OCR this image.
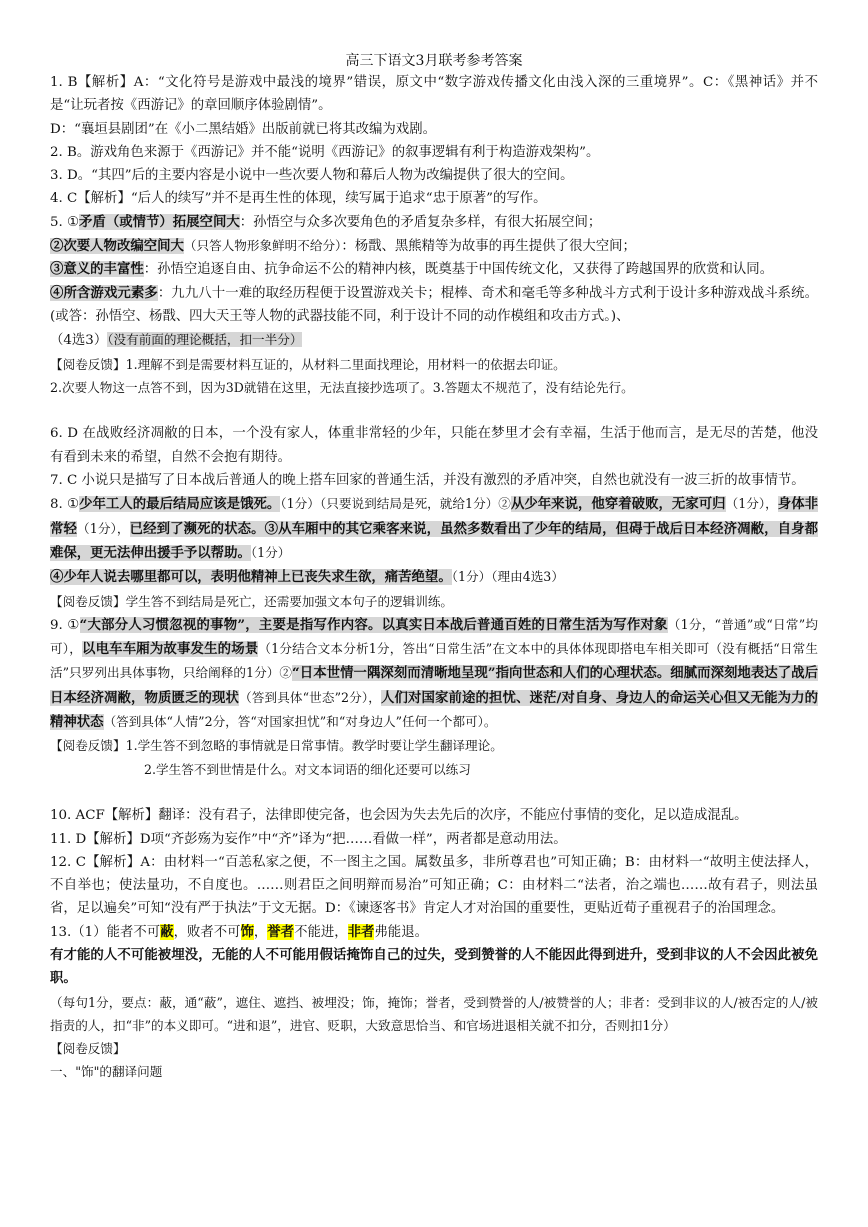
高三下语文3月联考参考答案

1. B【解析】A：“文化符号是游戏中最浅的境界”错误，原文中“数字游戏传播文化由浅入深的三重境界”。C：《黑神话》并不是“让玩者按《西游记》的章回顺序体验剧情”。

D：“襄垣县剧团”在《小二黑结婚》出版前就已将其改编为戏剧。

2. B。游戏角色来源于《西游记》并不能“说明《西游记》的叙事逻辑有利于构造游戏架构”。

3. D。“其四”后的主要内容是小说中一些次要人物和幕后人物为改编提供了很大的空间。

4. C【解析】“后人的续写”并不是再生性的体现，续写属于追求“忠于原著”的写作。

5. ①矛盾（或情节）拓展空间大：孙悟空与众多次要角色的矛盾复杂多样，有很大拓展空间；

②次要人物改编空间大（只答人物形象鲜明不给分）：杨戬、黑熊精等为故事的再生提供了很大空间；

③意义的丰富性：孙悟空追逐自由、抗争命运不公的精神内核，既奠基于中国传统文化，又获得了跨越国界的欣赏和认同。

④所含游戏元素多：九九八十一难的取经历程便于设置游戏关卡；棍棒、奇术和毫毛等多种战斗方式利于设计多种游戏战斗系统。(或答：孙悟空、杨戬、四大天王等人物的武器技能不同，利于设计不同的动作模组和攻击方式。)、

（4选3）（没有前面的理论概括，扣一半分）

【阅卷反馈】1.理解不到是需要材料互证的，从材料二里面找理论，用材料一的依据去印证。

2.次要人物这一点答不到，因为3D就错在这里，无法直接抄选项了。3.答题太不规范了，没有结论先行。

6. D 在战败经济凋敝的日本，一个没有家人，体重非常轻的少年，只能在梦里才会有幸福，生活于他而言，是无尽的苦楚，他没有看到未来的希望，自然不会抱有期待。

7. C 小说只是描写了日本战后普通人的晚上搭车回家的普通生活，并没有激烈的矛盾冲突，自然也就没有一波三折的故事情节。

8. ①少年工人的最后结局应该是饿死。（1分）（只要说到结局是死，就给1分）②从少年来说，他穿着破败，无家可归（1分），身体非常轻（1分），已经到了濒死的状态。③从车厢中的其它乘客来说，虽然多数看出了少年的结局，但碍于战后日本经济凋敝，自身都难保，更无法伸出援手予以帮助。（1分）

④少年人说去哪里都可以，表明他精神上已丧失求生欲，痛苦绝望。（1分）（理由4选3）

【阅卷反馈】学生答不到结局是死亡，还需要加强文本句子的逻辑训练。

9. ①“大部分人习惯忽视的事物”，主要是指写作内容。以真实日本战后普通百姓的日常生活为写作对象（1分，“普通”或“日常”均可），以电车车厢为故事发生的场景（1分结合文本分析1分，答出“日常生活”在文本中的具体体现即搭电车相关即可（没有概括“日常生活”只罗列出具体事物，只给阐释的1分）②“日本世情一隅深刻而清晰地呈现”指向世态和人们的心理状态。细腻而深刻地表达了战后日本经济凋敝，物质匮乏的现状（答到具体“世态”2分），人们对国家前途的担忧、迷茫/对自身、身边人的命运关心但又无能为力的精神状态（答到具体“人情”2分，答“对国家担忧”和“对身边人”任何一个都可）。

【阅卷反馈】1.学生答不到忽略的事情就是日常事情。教学时要让学生翻译理论。

2.学生答不到世情是什么。对文本词语的细化还要可以练习

10. ACF【解析】翻译：没有君子，法律即使完备，也会因为失去先后的次序，不能应付事情的变化，足以造成混乱。

11. D【解析】D项“齐彭殇为妄作”中“齐”译为“把……看做一样”，两者都是意动用法。

12. C【解析】A：由材料一“百恙私家之便，不一图主之国。属数虽多，非所尊君也”可知正确；B：由材料一“故明主使法择人，不自举也；使法量功，不自度也。……则君臣之间明辩而易治”可知正确；C：由材料二“法者，治之端也……故有君子，则法虽省，足以遍矣”可知“没有严于执法”于文无据。D：《谏逐客书》肯定人才对治国的重要性，更贴近荀子重视君子的治国理念。

13.（1）能者不可蔽，败者不可饰，誉者不能进，非者弗能退。

有才能的人不可能被埋没，无能的人不可能用假话掩饰自己的过失，受到赞誉的人不能因此得到进升，受到非议的人不会因此被免职。

（每句1分，要点：蔽，通“蔽”，遮住、遮挡、被埋没；饰，掩饰；誉者，受到赞誉的人/被赞誉的人；非者：受到非议的人/被否定的人/被指责的人，扣“非”的本义即可。“进和退”，进官、贬职，大致意思恰当、和官场进退相关就不扣分，否则扣1分）

【阅卷反馈】

一、"饰"的翻译问题
